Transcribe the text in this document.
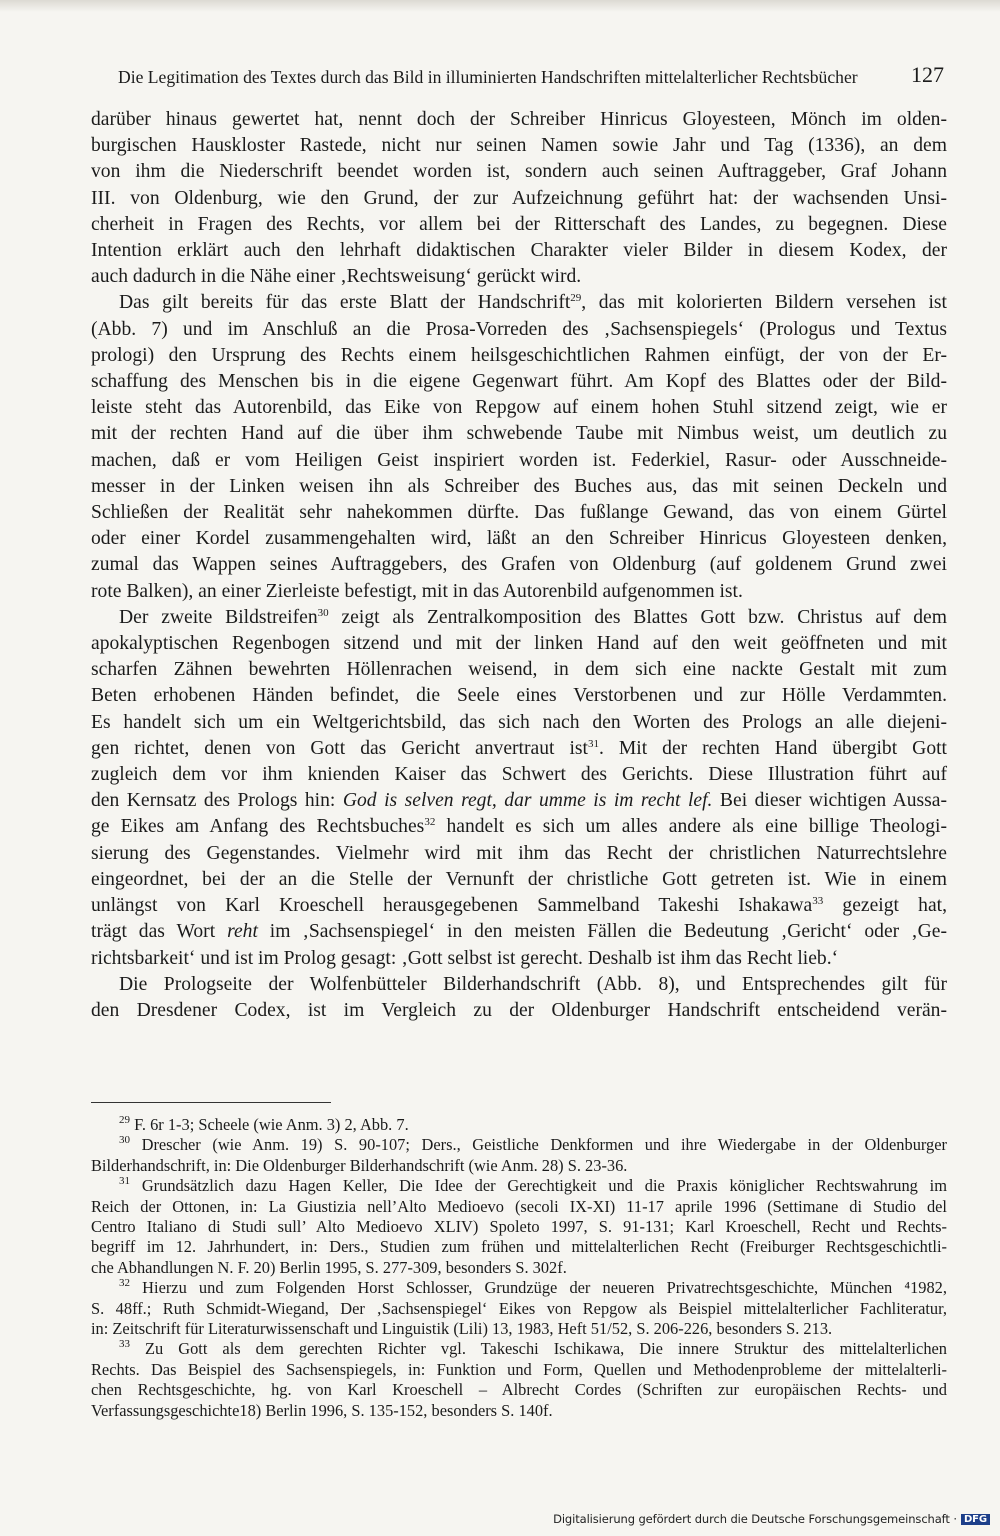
Die Legitimation des Textes durch das Bild in illuminierten Handschriften mittelalterlicher Rechtsbücher 127

darüber hinaus gewertet hat, nennt doch der Schreiber Hinricus Gloyesteen, Mönch im olden-
burgischen Hauskloster Rastede, nicht nur seinen Namen sowie Jahr und Tag (1336), an dem
von ihm die Niederschrift beendet worden ist, sondern auch seinen Auftraggeber, Graf Johann
III. von Oldenburg, wie den Grund, der zur Aufzeichnung geführt hat: der wachsenden Unsi-
cherheit in Fragen des Rechts, vor allem bei der Ritterschaft des Landes, zu begegnen. Diese
Intention erklärt auch den lehrhaft didaktischen Charakter vieler Bilder in diesem Kodex, der
auch dadurch in die Nähe einer ‚Rechtsweisung‘ gerückt wird.

Das gilt bereits für das erste Blatt der Handschrift$^{29}$, das mit kolorierten Bildern versehen ist
(Abb. 7) und im Anschluß an die Prosa-Vorreden des ‚Sachsenspiegels‘ (Prologus und Textus
prologi) den Ursprung des Rechts einem heilsgeschichtlichen Rahmen einfügt, der von der Er-
schaffung des Menschen bis in die eigene Gegenwart führt. Am Kopf des Blattes oder der Bild-
leiste steht das Autorenbild, das Eike von Repgow auf einem hohen Stuhl sitzend zeigt, wie er
mit der rechten Hand auf die über ihm schwebende Taube mit Nimbus weist, um deutlich zu
machen, daß er vom Heiligen Geist inspiriert worden ist. Federkiel, Rasur- oder Ausschneide-
messer in der Linken weisen ihn als Schreiber des Buches aus, das mit seinen Deckeln und
Schließen der Realität sehr nahekommen dürfte. Das fußlange Gewand, das von einem Gürtel
oder einer Kordel zusammengehalten wird, läßt an den Schreiber Hinricus Gloyesteen denken,
zumal das Wappen seines Auftraggebers, des Grafen von Oldenburg (auf goldenem Grund zwei
rote Balken), an einer Zierleiste befestigt, mit in das Autorenbild aufgenommen ist.

Der zweite Bildstreifen$^{30}$ zeigt als Zentralkomposition des Blattes Gott bzw. Christus auf dem
apokalyptischen Regenbogen sitzend und mit der linken Hand auf den weit geöffneten und mit
scharfen Zähnen bewehrten Höllenrachen weisend, in dem sich eine nackte Gestalt mit zum
Beten erhobenen Händen befindet, die Seele eines Verstorbenen und zur Hölle Verdammten.
Es handelt sich um ein Weltgerichtsbild, das sich nach den Worten des Prologs an alle diejeni-
gen richtet, denen von Gott das Gericht anvertraut ist$^{31}$. Mit der rechten Hand übergibt Gott
zugleich dem vor ihm knienden Kaiser das Schwert des Gerichts. Diese Illustration führt auf
den Kernsatz des Prologs hin: God is selven regt, dar umme is im recht lef. Bei dieser wichtigen Aussa-
ge Eikes am Anfang des Rechtsbuches$^{32}$ handelt es sich um alles andere als eine billige Theologi-
sierung des Gegenstandes. Vielmehr wird mit ihm das Recht der christlichen Naturrechtslehre
eingeordnet, bei der an die Stelle der Vernunft der christliche Gott getreten ist. Wie in einem
unlängst von Karl Kroeschell herausgegebenen Sammelband Takeshi Ishakawa$^{33}$ gezeigt hat,
trägt das Wort reht im ‚Sachsenspiegel‘ in den meisten Fällen die Bedeutung ‚Gericht‘ oder ‚Ge-
richtsbarkeit‘ und ist im Prolog gesagt: ‚Gott selbst ist gerecht. Deshalb ist ihm das Recht lieb.‘

Die Prologseite der Wolfenbütteler Bilderhandschrift (Abb. 8), und Entsprechendes gilt für
den Dresdener Codex, ist im Vergleich zu der Oldenburger Handschrift entscheidend verän-

$^{29}$ F. 6r 1-3; Scheele (wie Anm. 3) 2, Abb. 7.
$^{30}$ Drescher (wie Anm. 19) S. 90-107; Ders., Geistliche Denkformen und ihre Wiedergabe in der Oldenburger
Bilderhandschrift, in: Die Oldenburger Bilderhandschrift (wie Anm. 28) S. 23-36.
$^{31}$ Grundsätzlich dazu Hagen Keller, Die Idee der Gerechtigkeit und die Praxis königlicher Rechtswahrung im
Reich der Ottonen, in: La Giustizia nell’Alto Medioevo (secoli IX-XI) 11-17 aprile 1996 (Settimane di Studio del
Centro Italiano di Studi sull’ Alto Medioevo XLIV) Spoleto 1997, S. 91-131; Karl Kroeschell, Recht und Rechts-
begriff im 12. Jahrhundert, in: Ders., Studien zum frühen und mittelalterlichen Recht (Freiburger Rechtsgeschichtli-
che Abhandlungen N. F. 20) Berlin 1995, S. 277-309, besonders S. 302f.
$^{32}$ Hierzu und zum Folgenden Horst Schlosser, Grundzüge der neueren Privatrechtsgeschichte, München ⁴1982,
S. 48ff.; Ruth Schmidt-Wiegand, Der ‚Sachsenspiegel‘ Eikes von Repgow als Beispiel mittelalterlicher Fachliteratur,
in: Zeitschrift für Literaturwissenschaft und Linguistik (Lili) 13, 1983, Heft 51/52, S. 206-226, besonders S. 213.
$^{33}$ Zu Gott als dem gerechten Richter vgl. Takeschi Ischikawa, Die innere Struktur des mittelalterlichen
Rechts. Das Beispiel des Sachsenspiegels, in: Funktion und Form, Quellen und Methodenprobleme der mittelalterli-
chen Rechtsgeschichte, hg. von Karl Kroeschell – Albrecht Cordes (Schriften zur europäischen Rechts- und
Verfassungsgeschichte18) Berlin 1996, S. 135-152, besonders S. 140f.
Digitalisierung gefördert durch die Deutsche Forschungsgemeinschaft · DFG
